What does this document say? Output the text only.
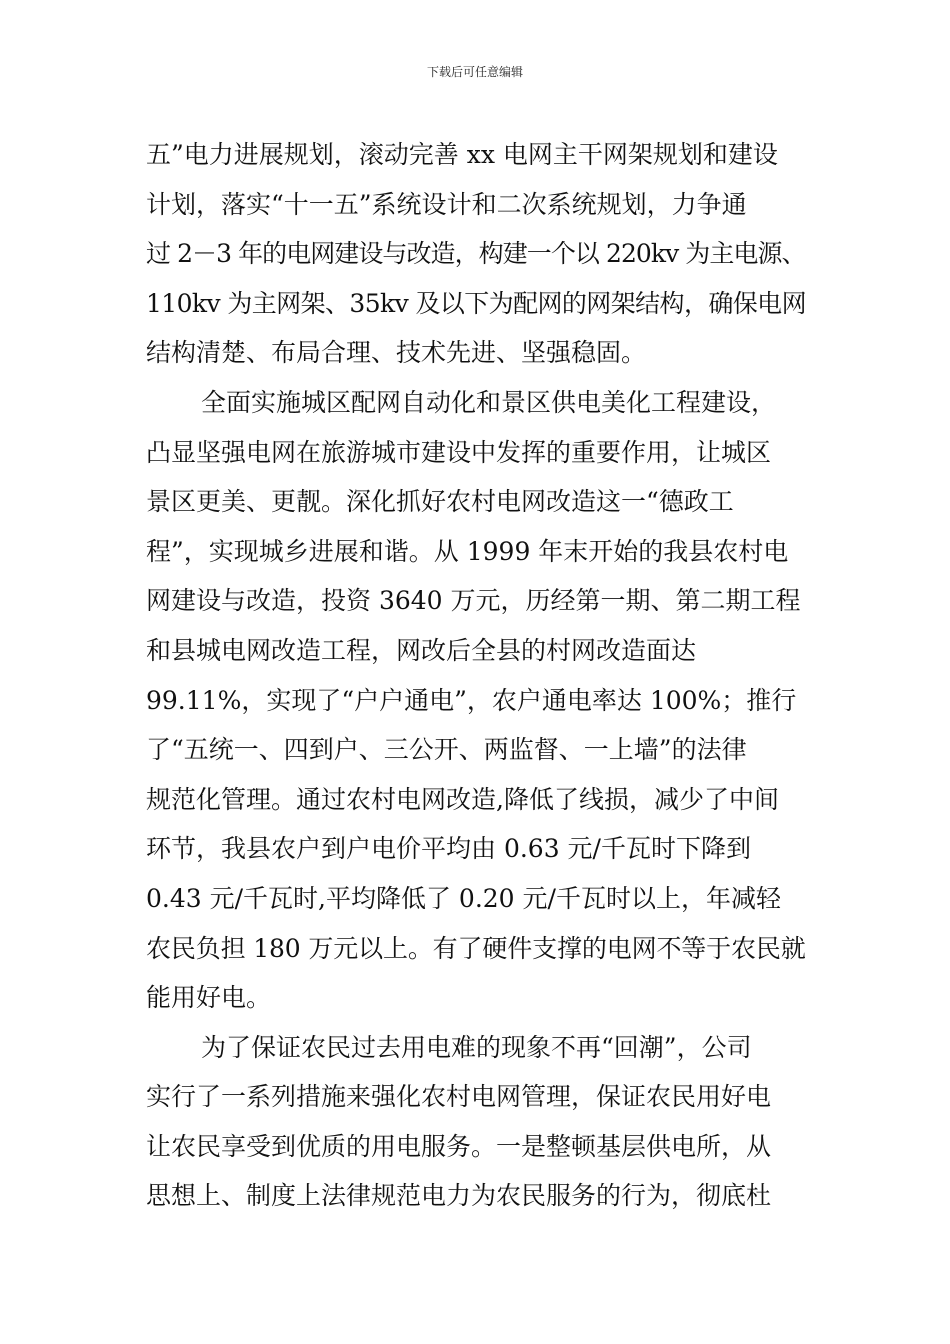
下载后可任意编辑
五”电力进展规划，滚动完善 xx 电网主干网架规划和建设
计划，落实“十一五”系统设计和二次系统规划，力争通
过 2－3 年的电网建设与改造，构建一个以 220kv 为主电源、
110kv 为主网架、35kv 及以下为配网的网架结构，确保电网
结构清楚、布局合理、技术先进、坚强稳固。
全面实施城区配网自动化和景区供电美化工程建设，
凸显坚强电网在旅游城市建设中发挥的重要作用，让城区
景区更美、更靓。深化抓好农村电网改造这一“德政工
程”，实现城乡进展和谐。从 1999 年末开始的我县农村电
网建设与改造，投资 3640 万元，历经第一期、第二期工程
和县城电网改造工程，网改后全县的村网改造面达
99.11%，实现了“户户通电”，农户通电率达 100%；推行
了“五统一、四到户、三公开、两监督、一上墙”的法律
规范化管理。通过农村电网改造,降低了线损，减少了中间
环节，我县农户到户电价平均由 0.63 元/千瓦时下降到
0.43 元/千瓦时,平均降低了 0.20 元/千瓦时以上，年减轻
农民负担 180 万元以上。有了硬件支撑的电网不等于农民就
能用好电。
为了保证农民过去用电难的现象不再“回潮”，公司
实行了一系列措施来强化农村电网管理，保证农民用好电
让农民享受到优质的用电服务。一是整顿基层供电所，从
思想上、制度上法律规范电力为农民服务的行为，彻底杜
